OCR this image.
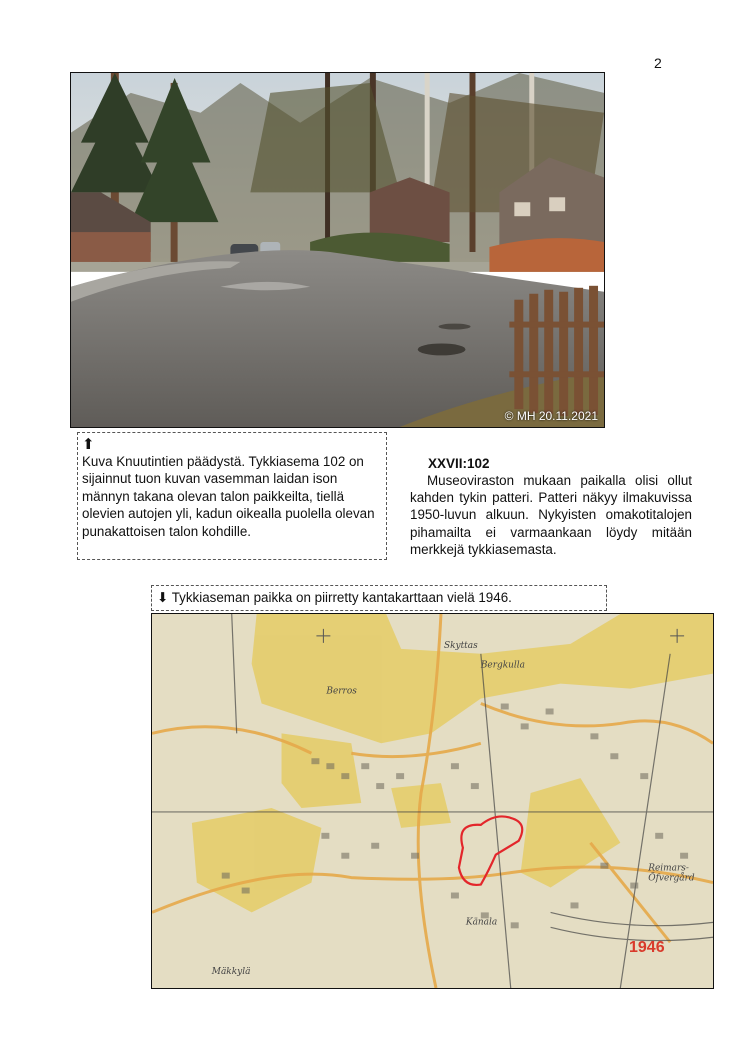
2
© MH 20.11.2021
⬆
Kuva Knuutintien päädystä. Tykkiasema 102 on sijainnut tuon kuvan vasemman laidan ison männyn takana olevan talon paikkeilta, tiellä olevien autojen yli, kadun oikealla puolella olevan punakattoisen talon kohdille.
XXVII:102
Museoviraston mukaan paikalla olisi ollut kahden tykin patteri. Patteri näkyy ilmakuvissa 1950-luvun alkuun. Nykyisten omakotitalojen pihamailta ei varmaankaan löydy mitään merkkejä tykkiasemasta.
⬇ Tykkiaseman paikka on piirretty kantakarttaan vielä 1946.
Skyttas
Bergkulla
Berros
Känala
Mäkkylä
Reimars-
Öfvergård
1946
